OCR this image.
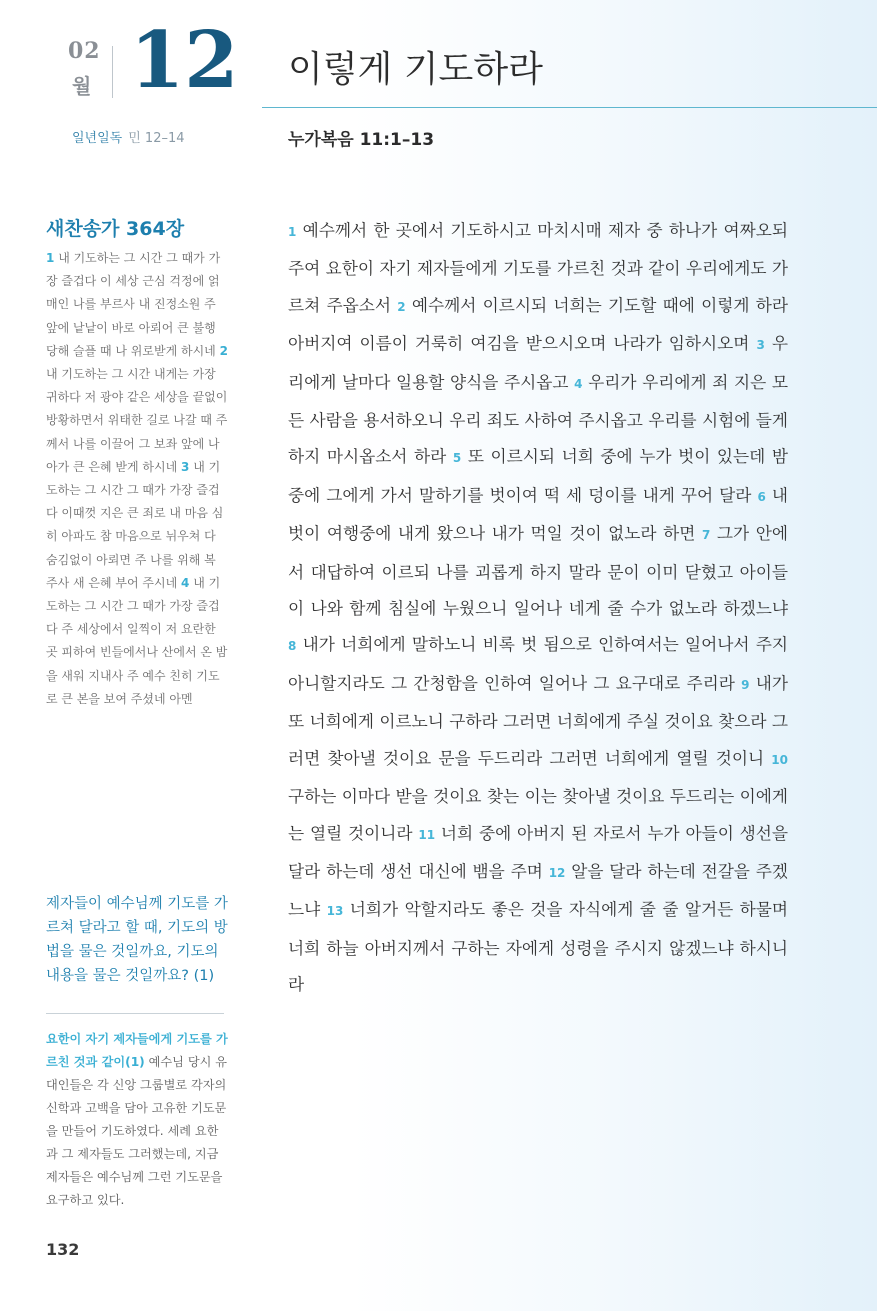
02
월 12 이렇게 기도하라
일년일독 민 12–14	누가복음 11:1–13
새찬송가 364장
1 내 기도하는 그 시간 그 때가 가장 즐겁다 이 세상 근심 걱정에 얽매인 나를 부르사 내 진정소원 주 앞에 낱낱이 바로 아뢰어 큰 불행 당해 슬플 때 나 위로받게 하시네 2 내 기도하는 그 시간 내게는 가장 귀하다 저 광야 같은 세상을 끝없이 방황하면서 위태한 길로 나갈 때 주께서 나를 이끌어 그 보좌 앞에 나아가 큰 은혜 받게 하시네 3 내 기도하는 그 시간 그 때가 가장 즐겁다 이때껏 지은 큰 죄로 내 마음 심히 아파도 참 마음으로 뉘우쳐 다 숨김없이 아뢰면 주 나를 위해 복 주사 새 은혜 부어 주시네 4 내 기도하는 그 시간 그 때가 가장 즐겁다 주 세상에서 일찍이 저 요란한 곳 피하여 빈들에서나 산에서 온 밤을 새워 지내사 주 예수 친히 기도로 큰 본을 보여 주셨네 아멘
제자들이 예수님께 기도를 가르쳐 달라고 할 때, 기도의 방법을 물은 것일까요, 기도의 내용을 물은 것일까요? (1)
요한이 자기 제자들에게 기도를 가르친 것과 같이(1) 예수님 당시 유대인들은 각 신앙 그룹별로 각자의 신학과 고백을 담아 고유한 기도문을 만들어 기도하였다. 세례 요한과 그 제자들도 그러했는데, 지금 제자들은 예수님께 그런 기도문을 요구하고 있다.
132
1 예수께서 한 곳에서 기도하시고 마치시매 제자 중 하나가 여짜오되 주여 요한이 자기 제자들에게 기도를 가르친 것과 같이 우리에게도 가르쳐 주옵소서 2 예수께서 이르시되 너희는 기도할 때에 이렇게 하라 아버지여 이름이 거룩히 여김을 받으시오며 나라가 임하시오며 3 우리에게 날마다 일용할 양식을 주시옵고 4 우리가 우리에게 죄 지은 모든 사람을 용서하오니 우리 죄도 사하여 주시옵고 우리를 시험에 들게 하지 마시옵소서 하라 5 또 이르시되 너희 중에 누가 벗이 있는데 밤중에 그에게 가서 말하기를 벗이여 떡 세 덩이를 내게 꾸어 달라 6 내 벗이 여행중에 내게 왔으나 내가 먹일 것이 없노라 하면 7 그가 안에서 대답하여 이르되 나를 괴롭게 하지 말라 문이 이미 닫혔고 아이들이 나와 함께 침실에 누웠으니 일어나 네게 줄 수가 없노라 하겠느냐 8 내가 너희에게 말하노니 비록 벗 됨으로 인하여서는 일어나서 주지 아니할지라도 그 간청함을 인하여 일어나 그 요구대로 주리라 9 내가 또 너희에게 이르노니 구하라 그러면 너희에게 주실 것이요 찾으라 그러면 찾아낼 것이요 문을 두드리라 그러면 너희에게 열릴 것이니 10 구하는 이마다 받을 것이요 찾는 이는 찾아낼 것이요 두드리는 이에게는 열릴 것이니라 11 너희 중에 아버지 된 자로서 누가 아들이 생선을 달라 하는데 생선 대신에 뱀을 주며 12 알을 달라 하는데 전갈을 주겠느냐 13 너희가 악할지라도 좋은 것을 자식에게 줄 줄 알거든 하물며 너희 하늘 아버지께서 구하는 자에게 성령을 주시지 않겠느냐 하시니라
